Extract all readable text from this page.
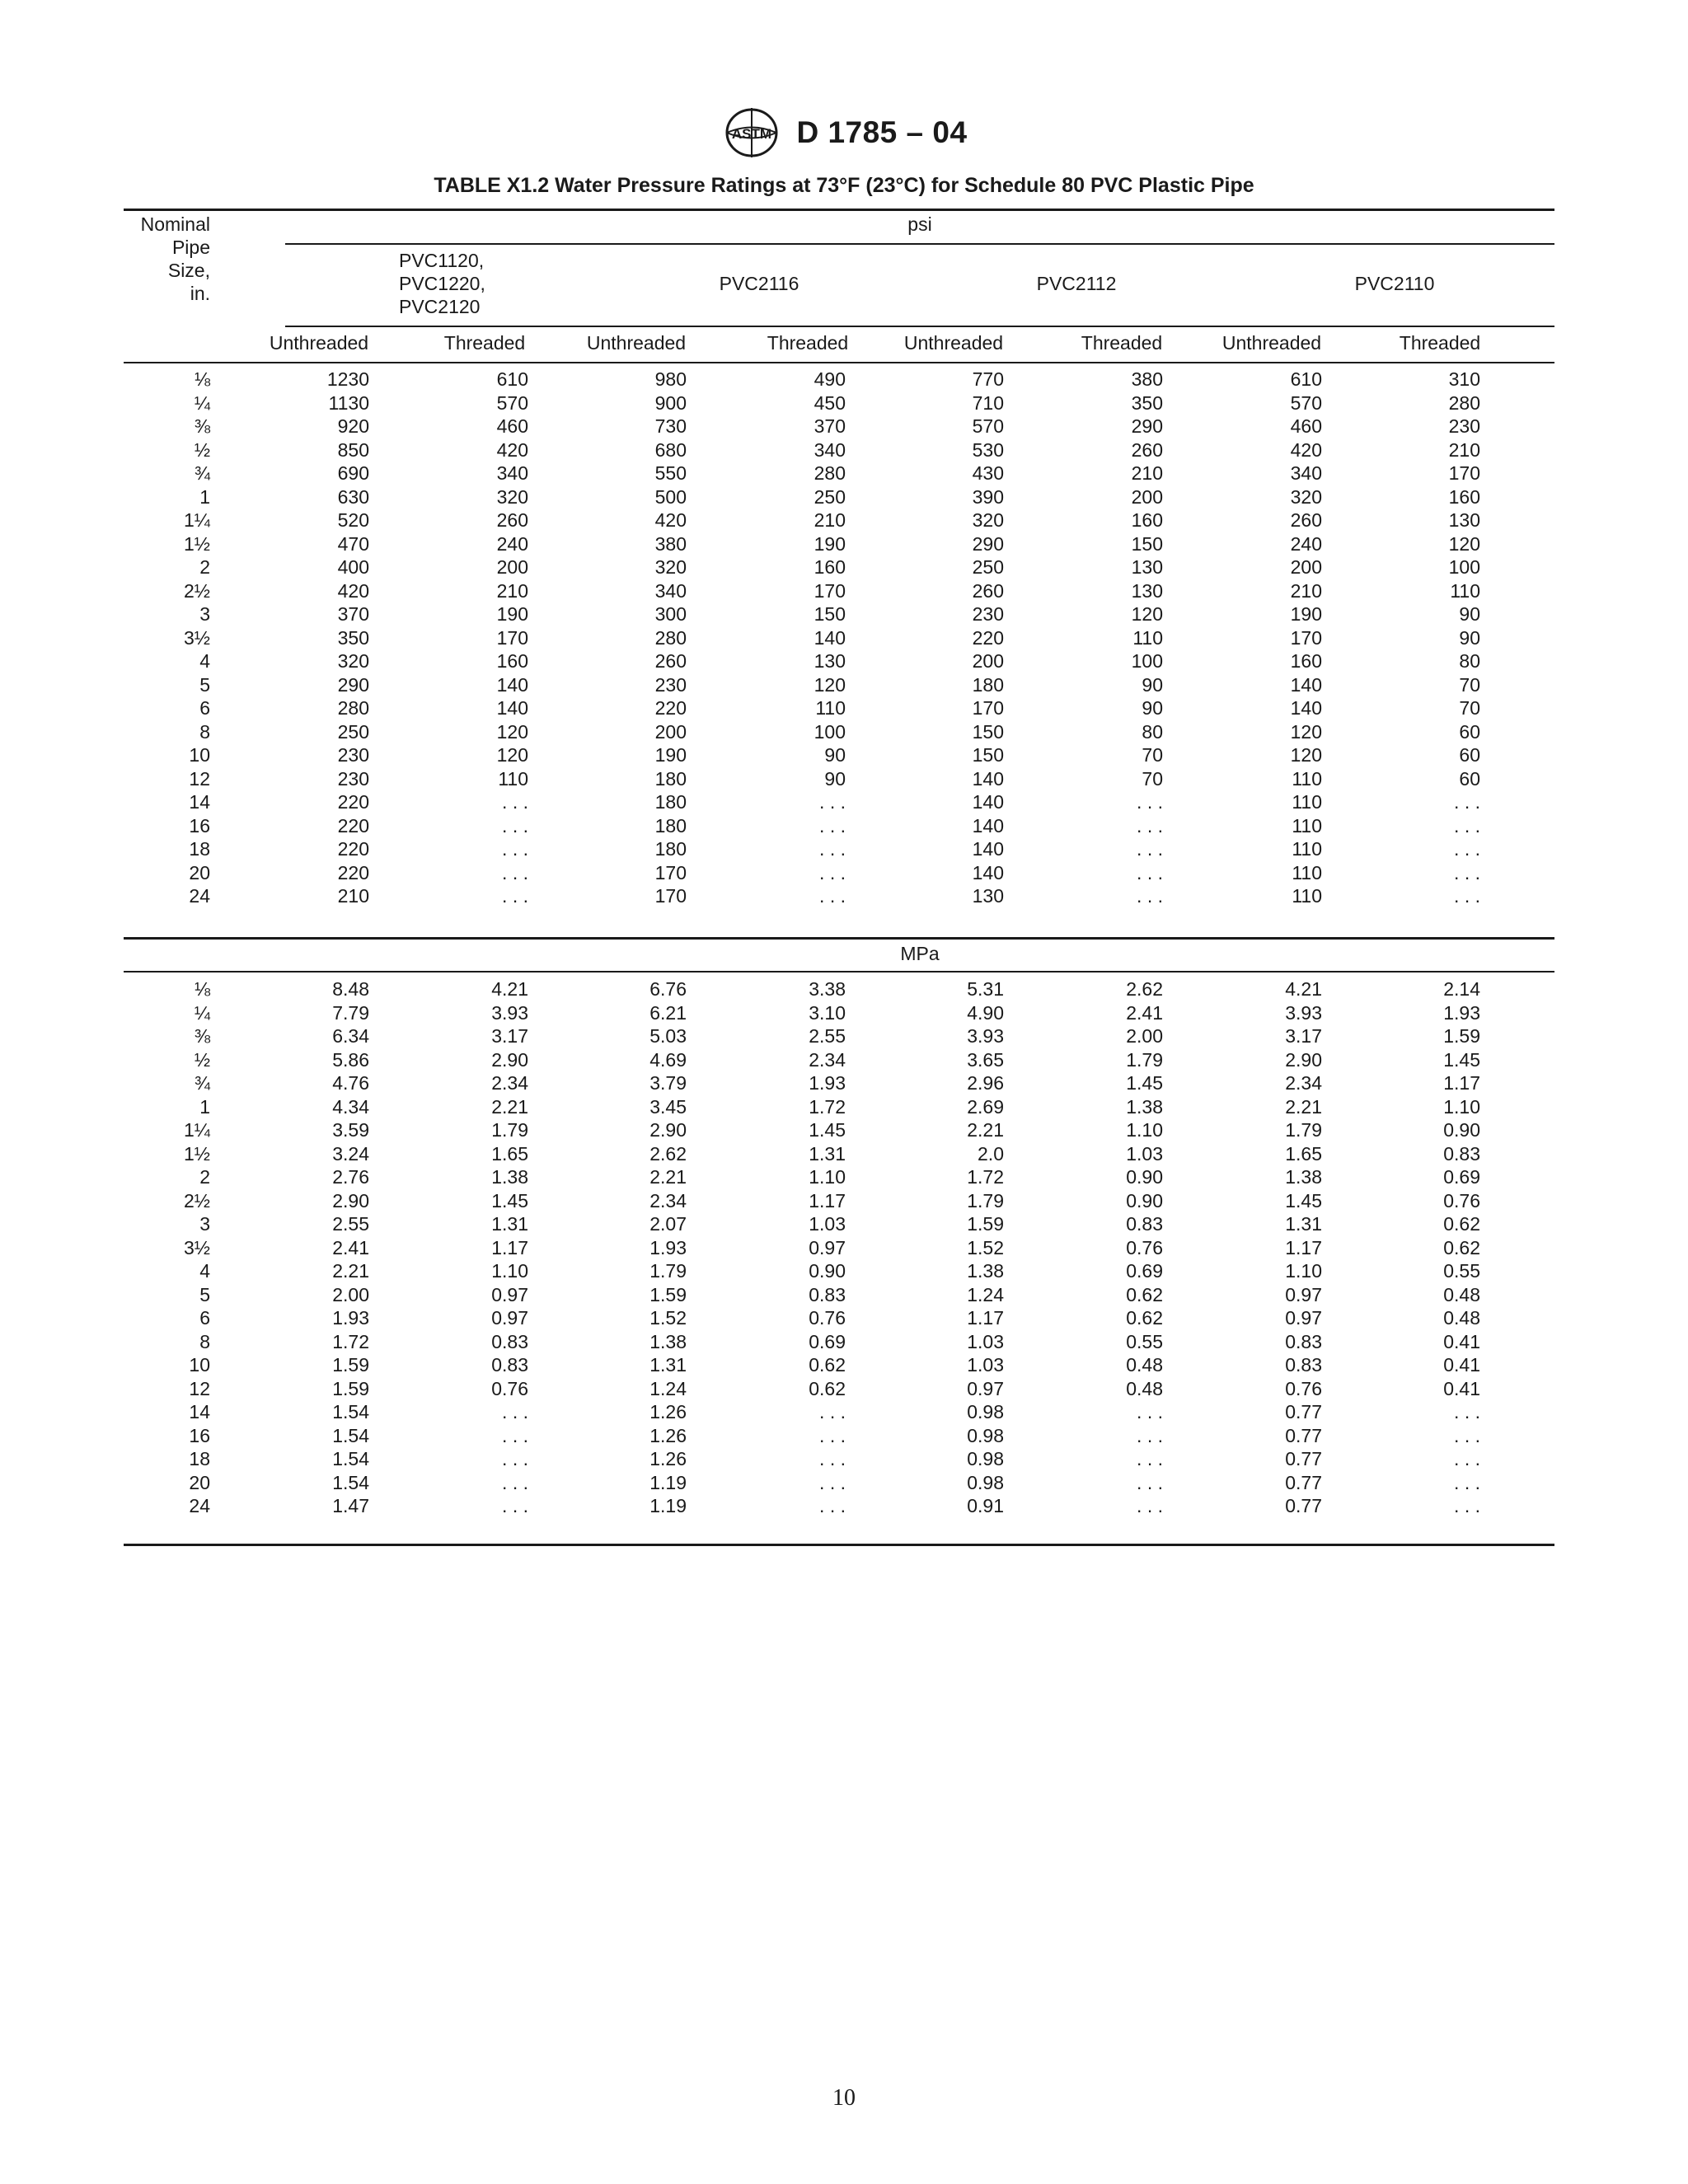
ASTM D 1785 – 04
TABLE X1.2 Water Pressure Ratings at 73°F (23°C) for Schedule 80 PVC Plastic Pipe
Nominal
Pipe
Size,
in.
psi
PVC1120,
PVC1220,
PVC2120
PVC2116	PVC2112	PVC2110
Unthreaded	Threaded	Unthreaded	Threaded	Unthreaded	Threaded	Unthreaded	Threaded
⅛	1230	610	980	490	770	380	610	310
¼	1130	570	900	450	710	350	570	280
⅜	920	460	730	370	570	290	460	230
½	850	420	680	340	530	260	420	210
¾	690	340	550	280	430	210	340	170
1	630	320	500	250	390	200	320	160
1¼	520	260	420	210	320	160	260	130
1½	470	240	380	190	290	150	240	120
2	400	200	320	160	250	130	200	100
2½	420	210	340	170	260	130	210	110
3	370	190	300	150	230	120	190	90
3½	350	170	280	140	220	110	170	90
4	320	160	260	130	200	100	160	80
5	290	140	230	120	180	90	140	70
6	280	140	220	110	170	90	140	70
8	250	120	200	100	150	80	120	60
10	230	120	190	90	150	70	120	60
12	230	110	180	90	140	70	110	60
14	220	. . .	180	. . .	140	. . .	110	. . .
16	220	. . .	180	. . .	140	. . .	110	. . .
18	220	. . .	180	. . .	140	. . .	110	. . .
20	220	. . .	170	. . .	140	. . .	110	. . .
24	210	. . .	170	. . .	130	. . .	110	. . .
MPa
⅛	8.48	4.21	6.76	3.38	5.31	2.62	4.21	2.14
¼	7.79	3.93	6.21	3.10	4.90	2.41	3.93	1.93
⅜	6.34	3.17	5.03	2.55	3.93	2.00	3.17	1.59
½	5.86	2.90	4.69	2.34	3.65	1.79	2.90	1.45
¾	4.76	2.34	3.79	1.93	2.96	1.45	2.34	1.17
1	4.34	2.21	3.45	1.72	2.69	1.38	2.21	1.10
1¼	3.59	1.79	2.90	1.45	2.21	1.10	1.79	0.90
1½	3.24	1.65	2.62	1.31	2.0	1.03	1.65	0.83
2	2.76	1.38	2.21	1.10	1.72	0.90	1.38	0.69
2½	2.90	1.45	2.34	1.17	1.79	0.90	1.45	0.76
3	2.55	1.31	2.07	1.03	1.59	0.83	1.31	0.62
3½	2.41	1.17	1.93	0.97	1.52	0.76	1.17	0.62
4	2.21	1.10	1.79	0.90	1.38	0.69	1.10	0.55
5	2.00	0.97	1.59	0.83	1.24	0.62	0.97	0.48
6	1.93	0.97	1.52	0.76	1.17	0.62	0.97	0.48
8	1.72	0.83	1.38	0.69	1.03	0.55	0.83	0.41
10	1.59	0.83	1.31	0.62	1.03	0.48	0.83	0.41
12	1.59	0.76	1.24	0.62	0.97	0.48	0.76	0.41
14	1.54	. . .	1.26	. . .	0.98	. . .	0.77	. . .
16	1.54	. . .	1.26	. . .	0.98	. . .	0.77	. . .
18	1.54	. . .	1.26	. . .	0.98	. . .	0.77	. . .
20	1.54	. . .	1.19	. . .	0.98	. . .	0.77	. . .
24	1.47	. . .	1.19	. . .	0.91	. . .	0.77	. . .
10
